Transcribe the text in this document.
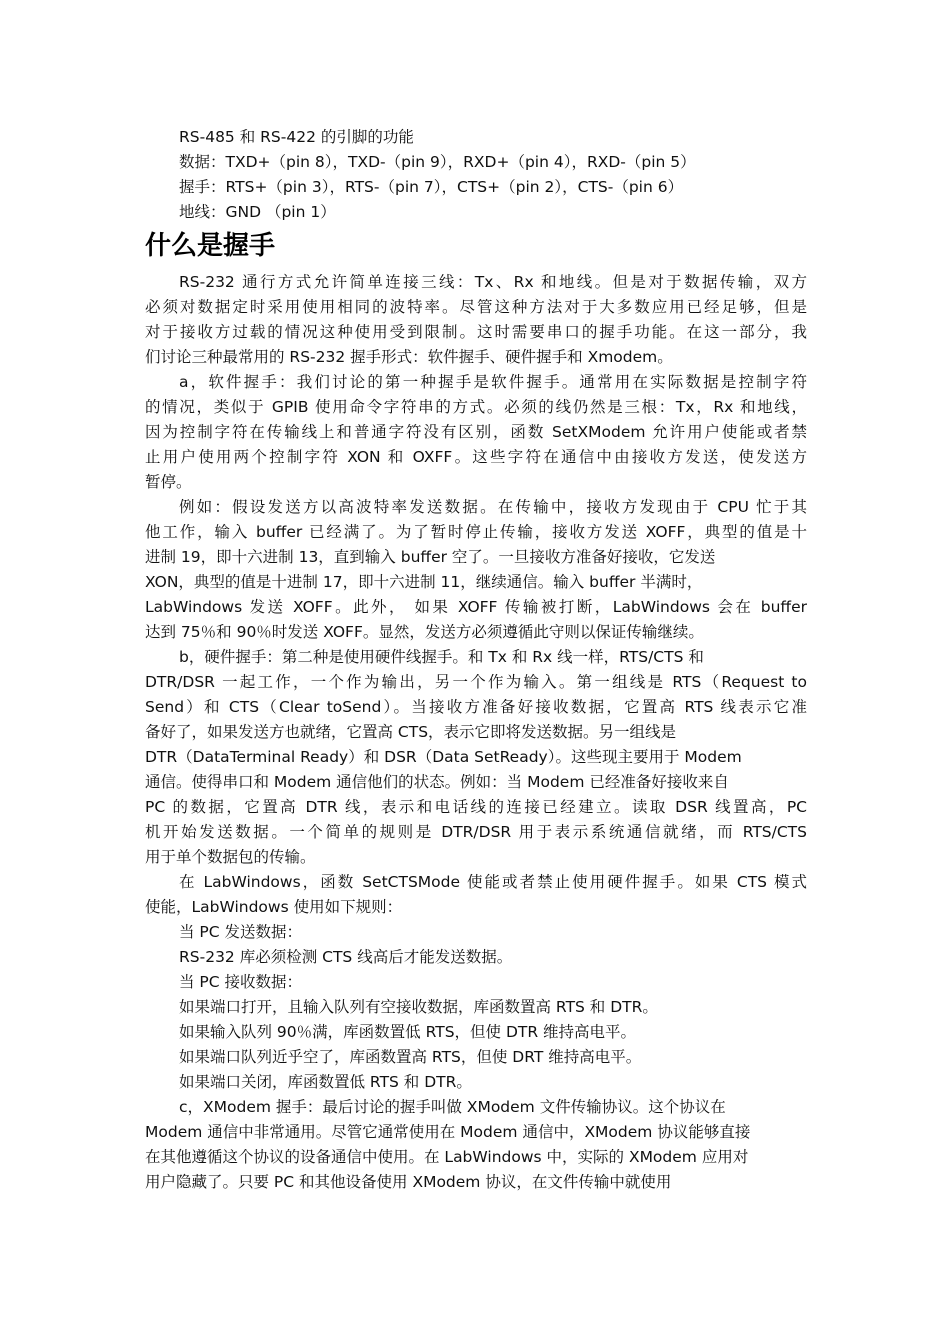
RS-485 和 RS-422 的引脚的功能
数据：TXD+（pin 8），TXD-（pin 9），RXD+（pin 4），RXD-（pin 5）
握手：RTS+（pin 3），RTS-（pin 7），CTS+（pin 2），CTS-（pin 6）
地线：GND （pin 1）
什么是握手
RS-232 通行方式允许简单连接三线：Tx、Rx 和地线。但是对于数据传输，双方
必须对数据定时采用使用相同的波特率。尽管这种方法对于大多数应用已经足够，但是
对于接收方过载的情况这种使用受到限制。这时需要串口的握手功能。在这一部分，我
们讨论三种最常用的 RS-232 握手形式：软件握手、硬件握手和 Xmodem。
a，软件握手：我们讨论的第一种握手是软件握手。通常用在实际数据是控制字符
的情况，类似于 GPIB 使用命令字符串的方式。必须的线仍然是三根：Tx，Rx 和地线，
因为控制字符在传输线上和普通字符没有区别，函数 SetXModem 允许用户使能或者禁
止用户使用两个控制字符 XON 和 OXFF。这些字符在通信中由接收方发送，使发送方
暂停。
例如：假设发送方以高波特率发送数据。在传输中，接收方发现由于 CPU 忙于其
他工作，输入 buffer 已经满了。为了暂时停止传输，接收方发送 XOFF，典型的值是十
进制 19，即十六进制 13，直到输入 buffer 空了。一旦接收方准备好接收，它发送
XON，典型的值是十进制 17，即十六进制 11，继续通信。输入 buffer 半满时，
LabWindows 发送 XOFF。此外， 如果 XOFF 传输被打断，LabWindows 会在 buffer
达到 75％和 90％时发送 XOFF。显然，发送方必须遵循此守则以保证传输继续。
b，硬件握手：第二种是使用硬件线握手。和 Tx 和 Rx 线一样，RTS/CTS 和
DTR/DSR 一起工作，一个作为输出，另一个作为输入。第一组线是 RTS（Request to
Send）和 CTS（Clear toSend）。当接收方准备好接收数据，它置高 RTS 线表示它准
备好了，如果发送方也就绪，它置高 CTS，表示它即将发送数据。另一组线是
DTR（DataTerminal Ready）和 DSR（Data SetReady）。这些现主要用于 Modem
通信。使得串口和 Modem 通信他们的状态。例如：当 Modem 已经准备好接收来自
PC 的数据，它置高 DTR 线，表示和电话线的连接已经建立。读取 DSR 线置高，PC
机开始发送数据。一个简单的规则是 DTR/DSR 用于表示系统通信就绪，而 RTS/CTS
用于单个数据包的传输。
在 LabWindows，函数 SetCTSMode 使能或者禁止使用硬件握手。如果 CTS 模式
使能，LabWindows 使用如下规则：
当 PC 发送数据：
RS-232 库必须检测 CTS 线高后才能发送数据。
当 PC 接收数据：
如果端口打开，且输入队列有空接收数据，库函数置高 RTS 和 DTR。
如果输入队列 90％满，库函数置低 RTS，但使 DTR 维持高电平。
如果端口队列近乎空了，库函数置高 RTS，但使 DRT 维持高电平。
如果端口关闭，库函数置低 RTS 和 DTR。
c，XModem 握手：最后讨论的握手叫做 XModem 文件传输协议。这个协议在
Modem 通信中非常通用。尽管它通常使用在 Modem 通信中，XModem 协议能够直接
在其他遵循这个协议的设备通信中使用。在 LabWindows 中，实际的 XModem 应用对
用户隐藏了。只要 PC 和其他设备使用 XModem 协议，在文件传输中就使用
